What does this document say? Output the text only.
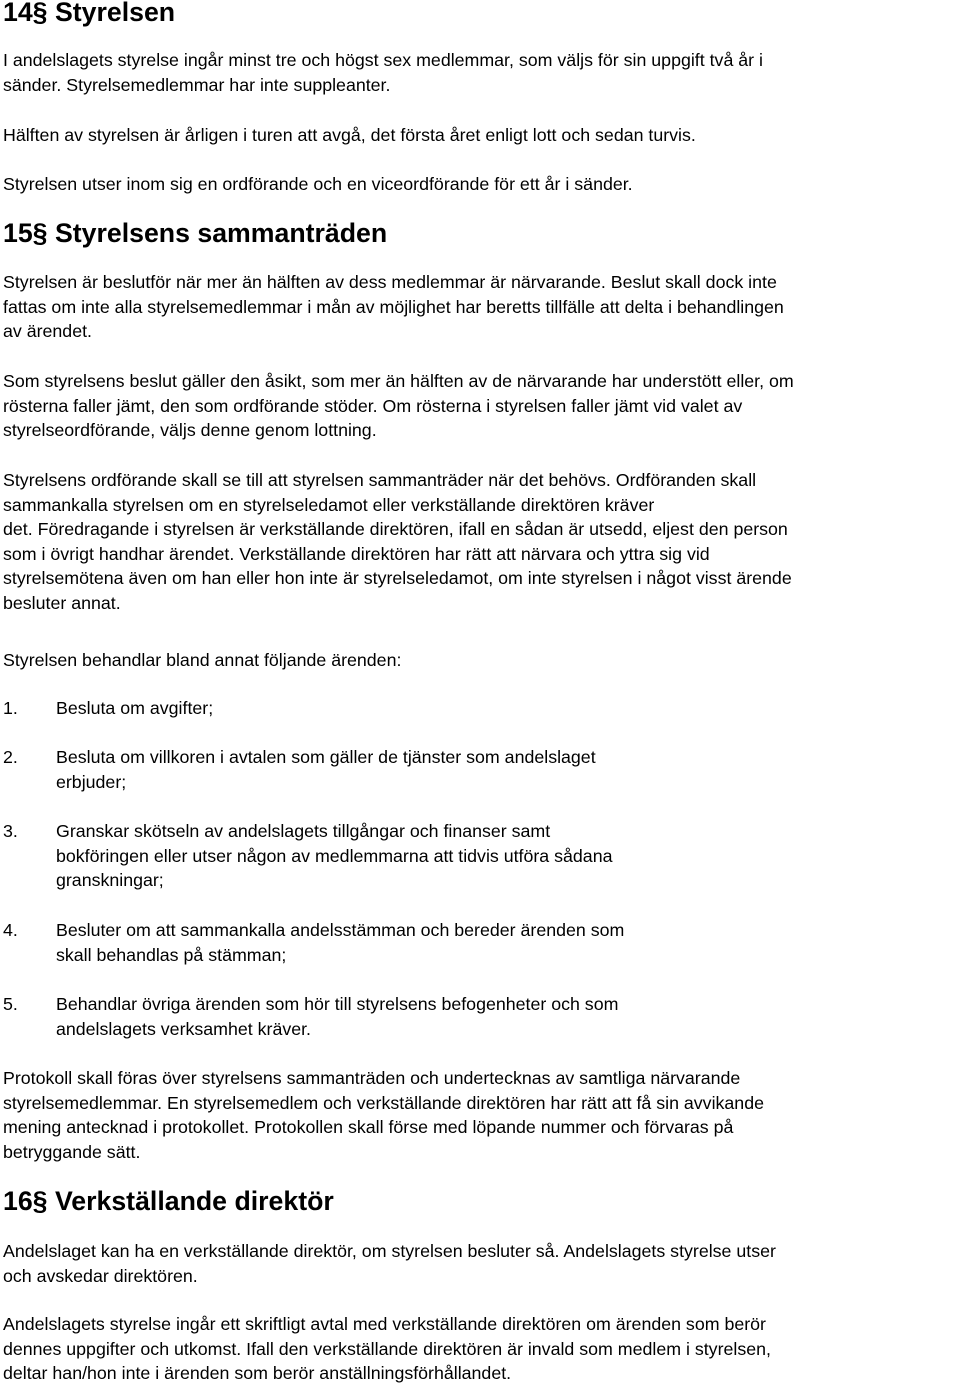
14§ Styrelsen

I andelslagets styrelse ingår minst tre och högst sex medlemmar, som väljs för sin uppgift två år i
sänder. Styrelsemedlemmar har inte suppleanter.

Hälften av styrelsen är årligen i turen att avgå, det första året enligt lott och sedan turvis.

Styrelsen utser inom sig en ordförande och en viceordförande för ett år i sänder.

15§ Styrelsens sammanträden

Styrelsen är beslutför när mer än hälften av dess medlemmar är närvarande. Beslut skall dock inte
fattas om inte alla styrelsemedlemmar i mån av möjlighet har beretts tillfälle att delta i behandlingen
av ärendet.

Som styrelsens beslut gäller den åsikt, som mer än hälften av de närvarande har understött eller, om
rösterna faller jämt, den som ordförande stöder. Om rösterna i styrelsen faller jämt vid valet av
styrelseordförande, väljs denne genom lottning.

Styrelsens ordförande skall se till att styrelsen sammanträder när det behövs. Ordföranden skall
sammankalla styrelsen om en styrelseledamot eller verkställande direktören kräver
det. Föredragande i styrelsen är verkställande direktören, ifall en sådan är utsedd, eljest den person
som i övrigt handhar ärendet. Verkställande direktören har rätt att närvara och yttra sig vid
styrelsemötena även om han eller hon inte är styrelseledamot, om inte styrelsen i något visst ärende
besluter annat.

Styrelsen behandlar bland annat följande ärenden:

1.	Besluta om avgifter;
2.	Besluta om villkoren i avtalen som gäller de tjänster som andelslaget
erbjuder;
3.	Granskar skötseln av andelslagets tillgångar och finanser samt
bokföringen eller utser någon av medlemmarna att tidvis utföra sådana
granskningar;
4.	Besluter om att sammankalla andelsstämman och bereder ärenden som
skall behandlas på stämman;
5.	Behandlar övriga ärenden som hör till styrelsens befogenheter och som
andelslagets verksamhet kräver.

Protokoll skall föras över styrelsens sammanträden och undertecknas av samtliga närvarande
styrelsemedlemmar. En styrelsemedlem och verkställande direktören har rätt att få sin avvikande
mening antecknad i protokollet. Protokollen skall förse med löpande nummer och förvaras på
betryggande sätt.

16§ Verkställande direktör

Andelslaget kan ha en verkställande direktör, om styrelsen besluter så. Andelslagets styrelse utser
och avskedar direktören.

Andelslagets styrelse ingår ett skriftligt avtal med verkställande direktören om ärenden som berör
dennes uppgifter och utkomst. Ifall den verkställande direktören är invald som medlem i styrelsen,
deltar han/hon inte i ärenden som berör anställningsförhållandet.
